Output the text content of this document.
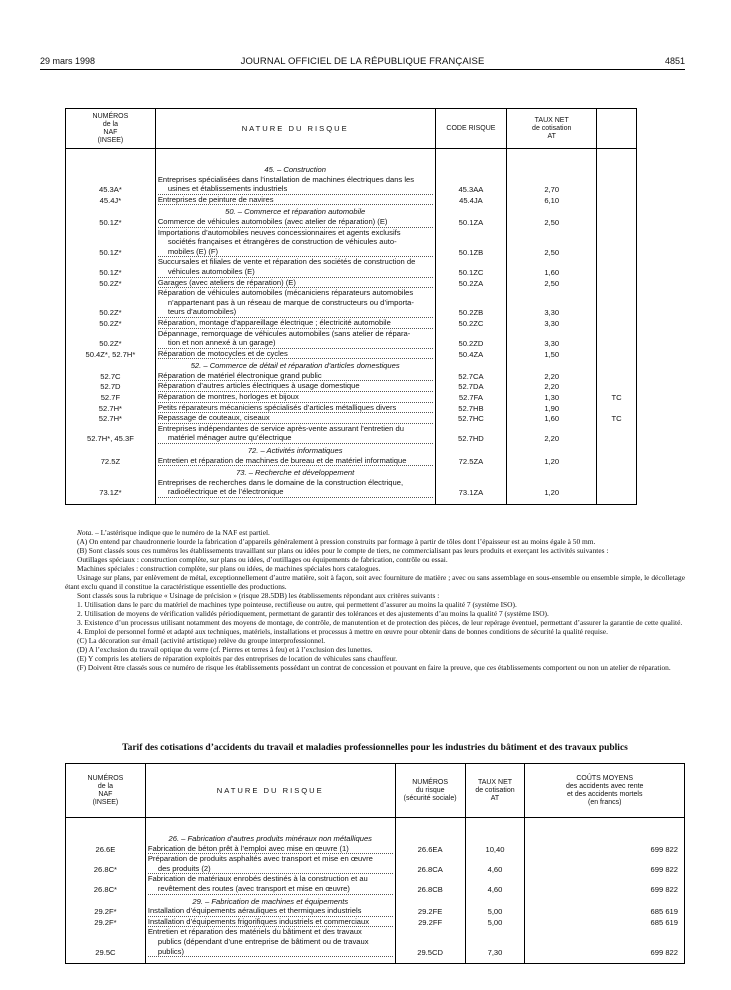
29 mars 1998	JOURNAL OFFICIEL DE LA RÉPUBLIQUE FRANÇAISE	4851
NUMÉROS
de la
NAF
(INSEE)	NATURE DU RISQUE	CODE RISQUE	TAUX NET
de cotisation
AT	

	45. – Construction			
45.3A*	Entreprises spécialisées dans l’installation de machines électriques dans les
usines et établissements industriels	45.3AA	2,70	
45.4J*	Entreprises de peinture de navires	45.4JA	6,10	
	50. – Commerce et réparation automobile			
50.1Z*	Commerce de véhicules automobiles (avec atelier de réparation) (E)	50.1ZA	2,50	
50.1Z*	Importations d’automobiles neuves concessionnaires et agents exclusifs
sociétés françaises et étrangères de construction de véhicules auto-
mobiles (E) (F)	50.1ZB	2,50	
50.1Z*	Succursales et filiales de vente et réparation des sociétés de construction de
véhicules automobiles (E)	50.1ZC	1,60	
50.2Z*	Garages (avec ateliers de réparation) (E)	50.2ZA	2,50	
50.2Z*	Réparation de véhicules automobiles (mécaniciens réparateurs automobiles
n’appartenant pas à un réseau de marque de constructeurs ou d’importa-
teurs d’automobiles)	50.2ZB	3,30	
50.2Z*	Réparation, montage d’appareillage électrique ; électricité automobile	50.2ZC	3,30	
50.2Z*	Dépannage, remorquage de véhicules automobiles (sans atelier de répara-
tion et non annexé à un garage)	50.2ZD	3,30	
50.4Z*, 52.7H*	Réparation de motocycles et de cycles	50.4ZA	1,50	
	52. – Commerce de détail et réparation d’articles domestiques			
52.7C	Réparation de matériel électronique grand public	52.7CA	2,20	
52.7D	Réparation d’autres articles électriques à usage domestique	52.7DA	2,20	
52.7F	Réparation de montres, horloges et bijoux	52.7FA	1,30	TC
52.7H*	Petits réparateurs mécaniciens spécialisés d’articles métalliques divers	52.7HB	1,90	
52.7H*	Repassage de couteaux, ciseaux	52.7HC	1,60	TC
52.7H*, 45.3F	Entreprises indépendantes de service après-vente assurant l’entretien du
matériel ménager autre qu’électrique	52.7HD	2,20	
	72. – Activités informatiques			
72.5Z	Entretien et réparation de machines de bureau et de matériel informatique	72.5ZA	1,20	
	73. – Recherche et développement			
73.1Z*	Entreprises de recherches dans le domaine de la construction électrique,
radioélectrique et de l’électronique	73.1ZA	1,20	

Nota. – L’astérisque indique que le numéro de la NAF est partiel.

(A) On entend par chaudronnerie lourde la fabrication d’appareils généralement à pression construits par formage à partir de tôles dont l’épaisseur est au moins égale à 50 mm.

(B) Sont classés sous ces numéros les établissements travaillant sur plans ou idées pour le compte de tiers, ne commercialisant pas leurs produits et exerçant les activités suivantes :

Outillages spéciaux : construction complète, sur plans ou idées, d’outillages ou équipements de fabrication, contrôle ou essai.

Machines spéciales : construction complète, sur plans ou idées, de machines spéciales hors catalogues.

Usinage sur plans, par enlèvement de métal, exceptionnellement d’autre matière, soit à façon, soit avec fourniture de matière ; avec ou sans assemblage en sous-ensemble ou ensemble simple, le décolletage étant exclu quand il constitue la caractéristique essentielle des productions.

Sont classés sous la rubrique « Usinage de précision » (risque 28.5DB) les établissements répondant aux critères suivants :

1. Utilisation dans le parc du matériel de machines type pointeuse, rectifieuse ou autre, qui permettent d’assurer au moins la qualité 7 (système ISO).

2. Utilisation de moyens de vérification validés périodiquement, permettant de garantir des tolérances et des ajustements d’au moins la qualité 7 (système ISO).

3. Existence d’un processus utilisant notamment des moyens de montage, de contrôle, de manutention et de protection des pièces, de leur repérage éventuel, permettant d’assurer la garantie de cette qualité.

4. Emploi de personnel formé et adapté aux techniques, matériels, installations et processus à mettre en œuvre pour obtenir dans de bonnes conditions de sécurité la qualité requise.

(C) La décoration sur émail (activité artistique) relève du groupe interprofessionnel.

(D) A l’exclusion du travail optique du verre (cf. Pierres et terres à feu) et à l’exclusion des lunettes.

(E) Y compris les ateliers de réparation exploités par des entreprises de location de véhicules sans chauffeur.

(F) Doivent être classés sous ce numéro de risque les établissements possédant un contrat de concession et pouvant en faire la preuve, que ces établissements comportent ou non un atelier de réparation.

Tarif des cotisations d’accidents du travail et maladies professionnelles pour les industries du bâtiment et des travaux publics
NUMÉROS
de la
NAF
(INSEE)	NATURE DU RISQUE	NUMÉROS
du risque
(sécurité sociale)	TAUX NET
de cotisation
AT	COÛTS MOYENS
des accidents avec rente
et des accidents mortels
(en francs)

	26. – Fabrication d’autres produits minéraux non métalliques			
26.6E	Fabrication de béton prêt à l’emploi avec mise en œuvre (1)	26.6EA	10,40	699 822
26.8C*	Préparation de produits asphaltés avec transport et mise en œuvre
des produits (2)	26.8CA	4,60	699 822
26.8C*	Fabrication de matériaux enrobés destinés à la construction et au
revêtement des routes (avec transport et mise en œuvre)	26.8CB	4,60	699 822
	29. – Fabrication de machines et équipements			
29.2F*	Installation d’équipements aérauliques et thermiques industriels	29.2FE	5,00	685 619
29.2F*	Installation d’équipements frigorifiques industriels et commerciaux	29.2FF	5,00	685 619
29.5C	Entretien et réparation des matériels du bâtiment et des travaux
publics (dépendant d’une entreprise de bâtiment ou de travaux
publics)	29.5CD	7,30	699 822
